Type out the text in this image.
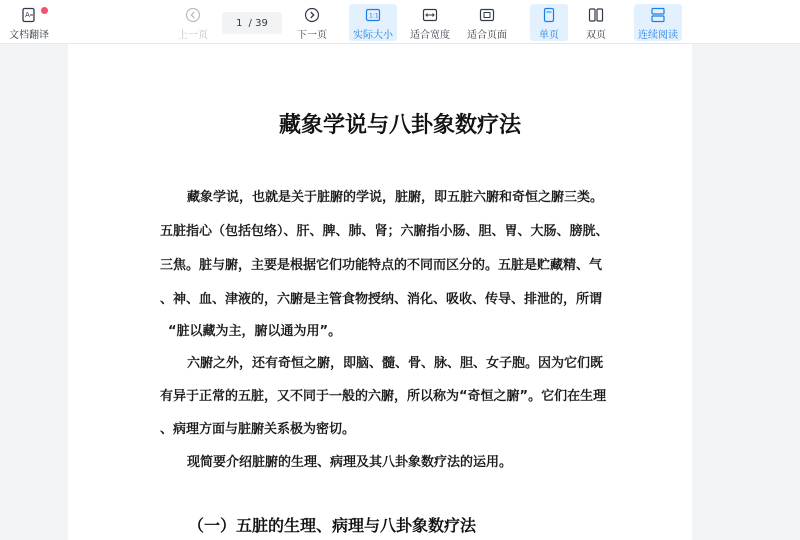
A
文档翻译	上一页
1 / 39
下一页
1:1
实际大小 适合宽度 适合页面	单页	双页	连续阅读
藏象学说与八卦象数疗法
藏象学说，也就是关于脏腑的学说，脏腑，即五脏六腑和奇恒之腑三类。
五脏指心（包括包络）、肝、脾、肺、肾；六腑指小肠、胆、胃、大肠、膀胱、
三焦。脏与腑，主要是根据它们功能特点的不同而区分的。五脏是贮藏精、气
、神、血、津液的，六腑是主管食物授纳、消化、吸收、传导、排泄的，所谓
“脏以藏为主，腑以通为用”。
六腑之外，还有奇恒之腑，即脑、髓、骨、脉、胆、女子胞。因为它们既
有异于正常的五脏，又不同于一般的六腑，所以称为“奇恒之腑”。它们在生理
、病理方面与脏腑关系极为密切。
现简要介绍脏腑的生理、病理及其八卦象数疗法的运用。
（一）五脏的生理、病理与八卦象数疗法
